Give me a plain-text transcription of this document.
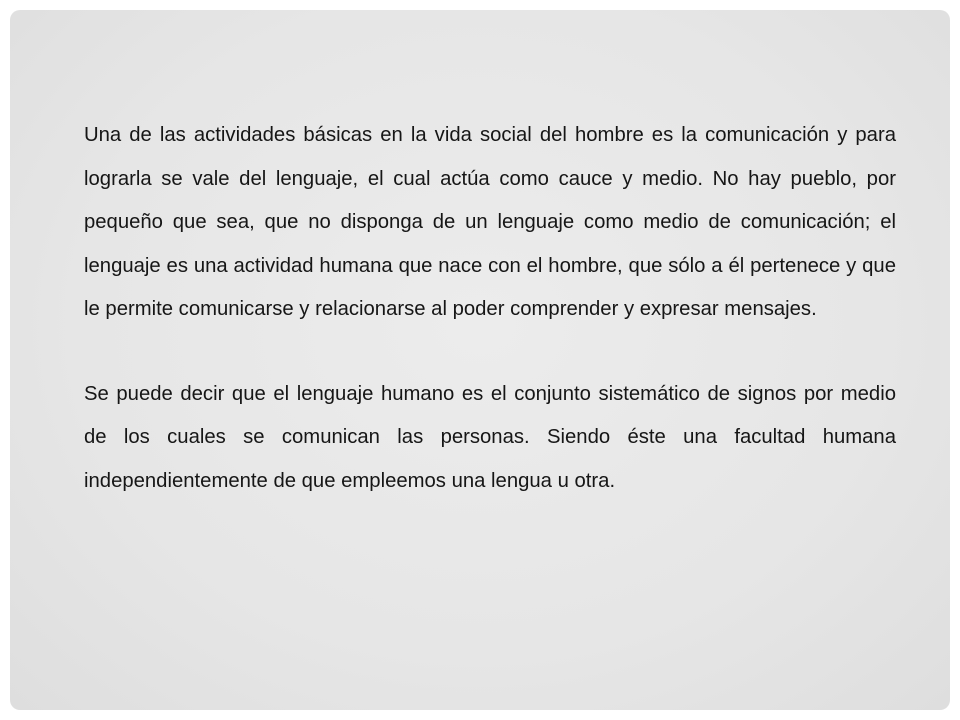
Una de las actividades básicas en la vida social del hombre es la comunicación y para lograrla se vale del lenguaje, el cual actúa como cauce y medio. No hay pueblo, por pequeño que sea, que no disponga de un lenguaje como medio de comunicación; el lenguaje es una actividad humana que nace con el hombre, que sólo a él pertenece y que le permite comunicarse y relacionarse al poder comprender y expresar mensajes.

Se puede decir que el lenguaje humano es el conjunto sistemático de signos por medio de los cuales se comunican las personas. Siendo éste una facultad humana independientemente de que empleemos una lengua u otra.
